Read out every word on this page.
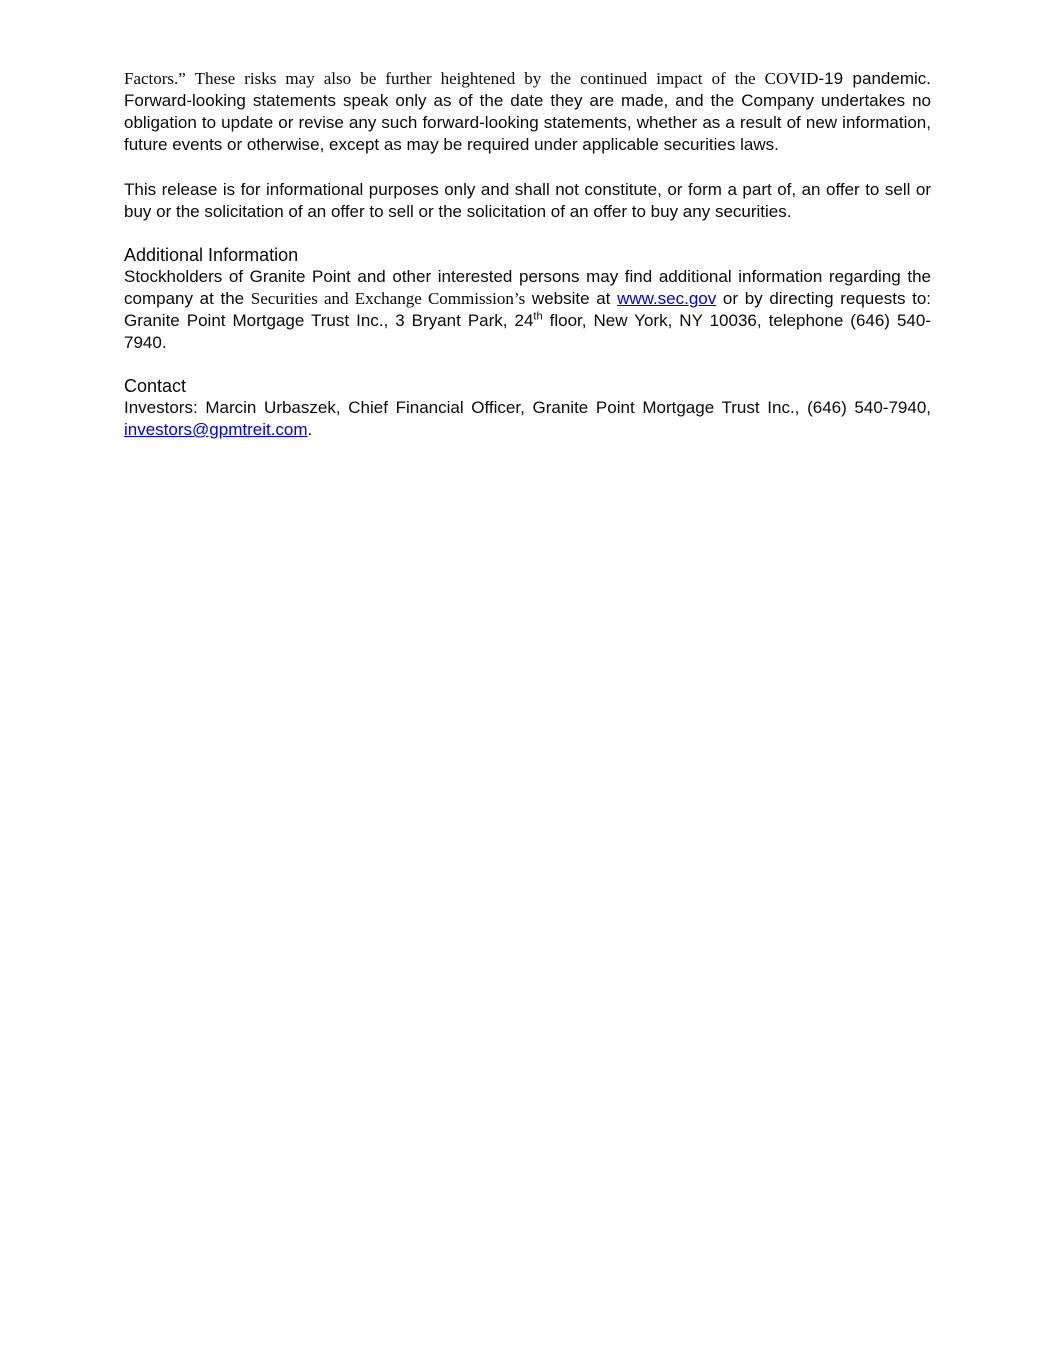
Factors.” These risks may also be further heightened by the continued impact of the COVID-19 pandemic. Forward-looking statements speak only as of the date they are made, and the Company undertakes no obligation to update or revise any such forward-looking statements, whether as a result of new information, future events or otherwise, except as may be required under applicable securities laws.

This release is for informational purposes only and shall not constitute, or form a part of, an offer to sell or buy or the solicitation of an offer to sell or the solicitation of an offer to buy any securities.

Additional Information

Stockholders of Granite Point and other interested persons may find additional information regarding the company at the Securities and Exchange Commission’s website at www.sec.gov or by directing requests to: Granite Point Mortgage Trust Inc., 3 Bryant Park, 24th floor, New York, NY 10036, telephone (646) 540-7940.

Contact

Investors: Marcin Urbaszek, Chief Financial Officer, Granite Point Mortgage Trust Inc., (646) 540-7940, investors@gpmtreit.com.
